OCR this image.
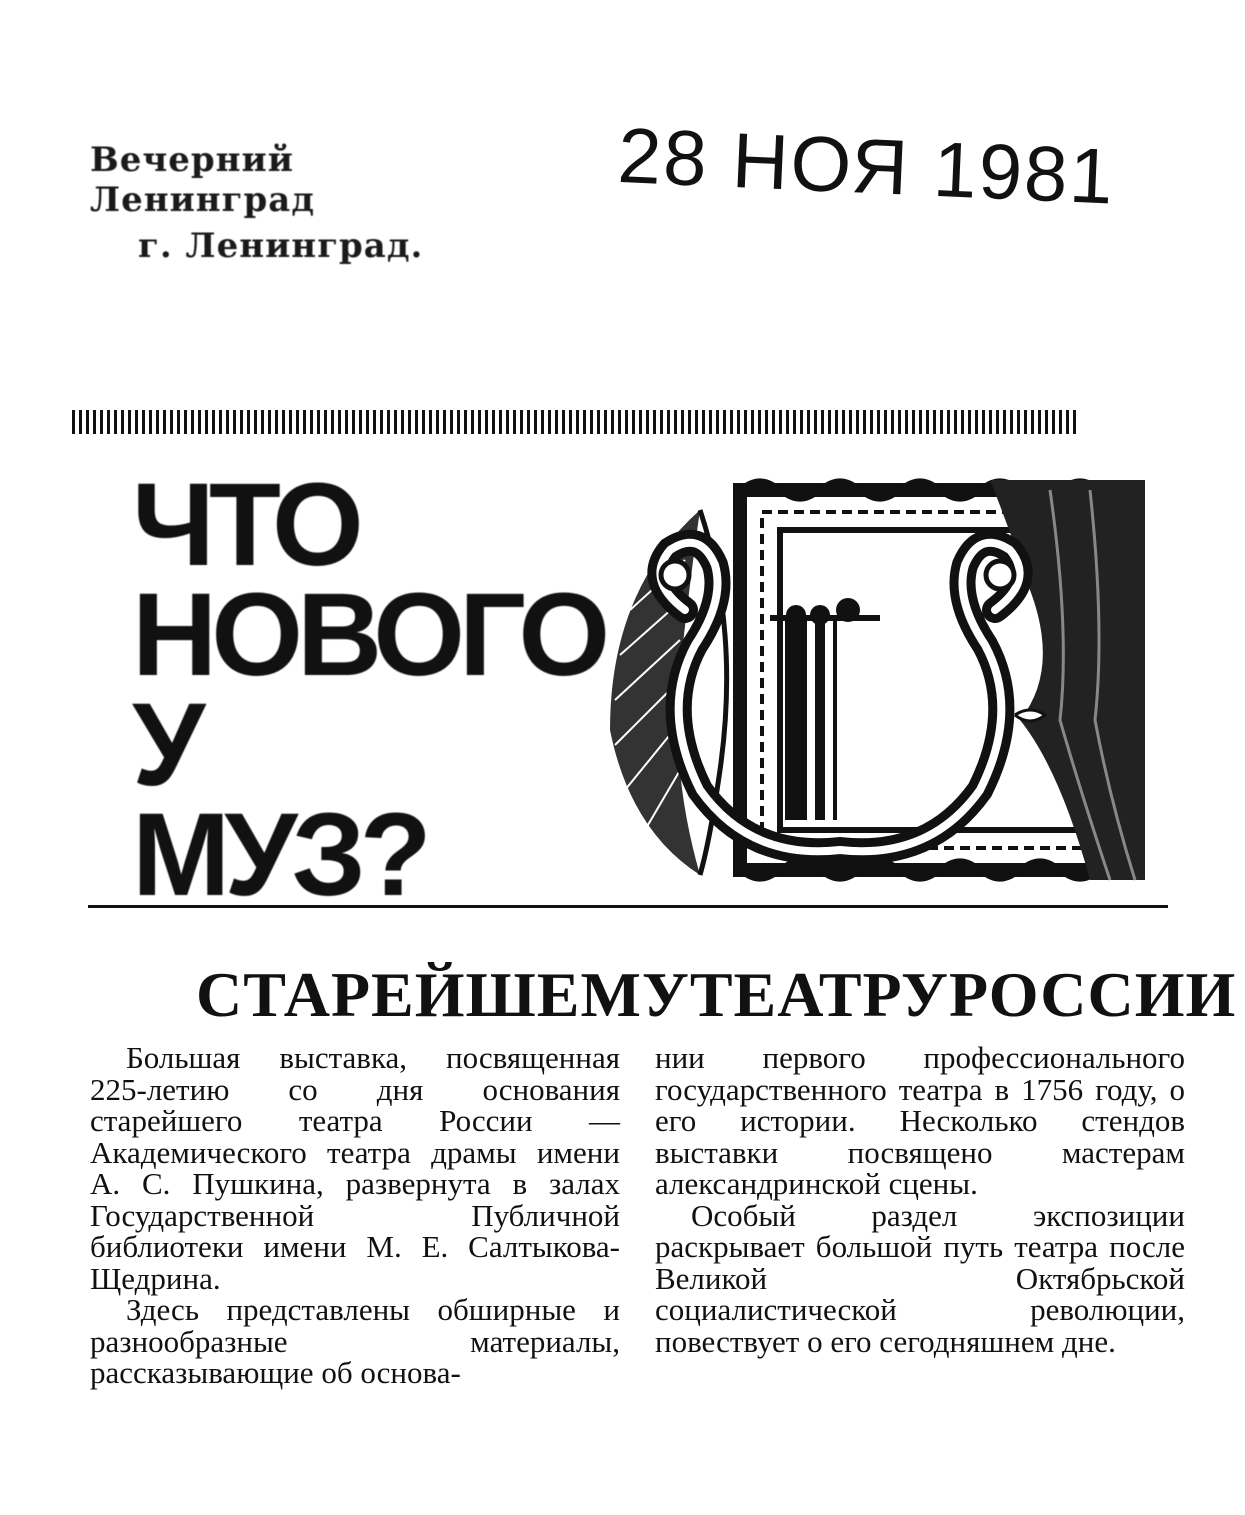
Вечерний Ленинград
г. Ленинград.
28 НОЯ 1981
ЧТО
НОВОГО
У
МУЗ?
СТАРЕЙШЕМУ ТЕАТРУ РОССИИ

Большая выставка, посвященная 225-летию со дня основания старейшего театра России — Академического театра драмы имени А. С. Пушкина, развернута в залах Государственной Публичной библиотеки имени М. Е. Салтыкова-Щедрина.

Здесь представлены обширные и разнообразные материалы, рассказывающие об основа-

нии первого профессионального государственного театра в 1756 году, о его истории. Несколько стендов выставки посвящено мастерам александринской сцены.

Особый раздел экспозиции раскрывает большой путь театра после Великой Октябрьской социалистической революции, повествует о его сегодняшнем дне.
